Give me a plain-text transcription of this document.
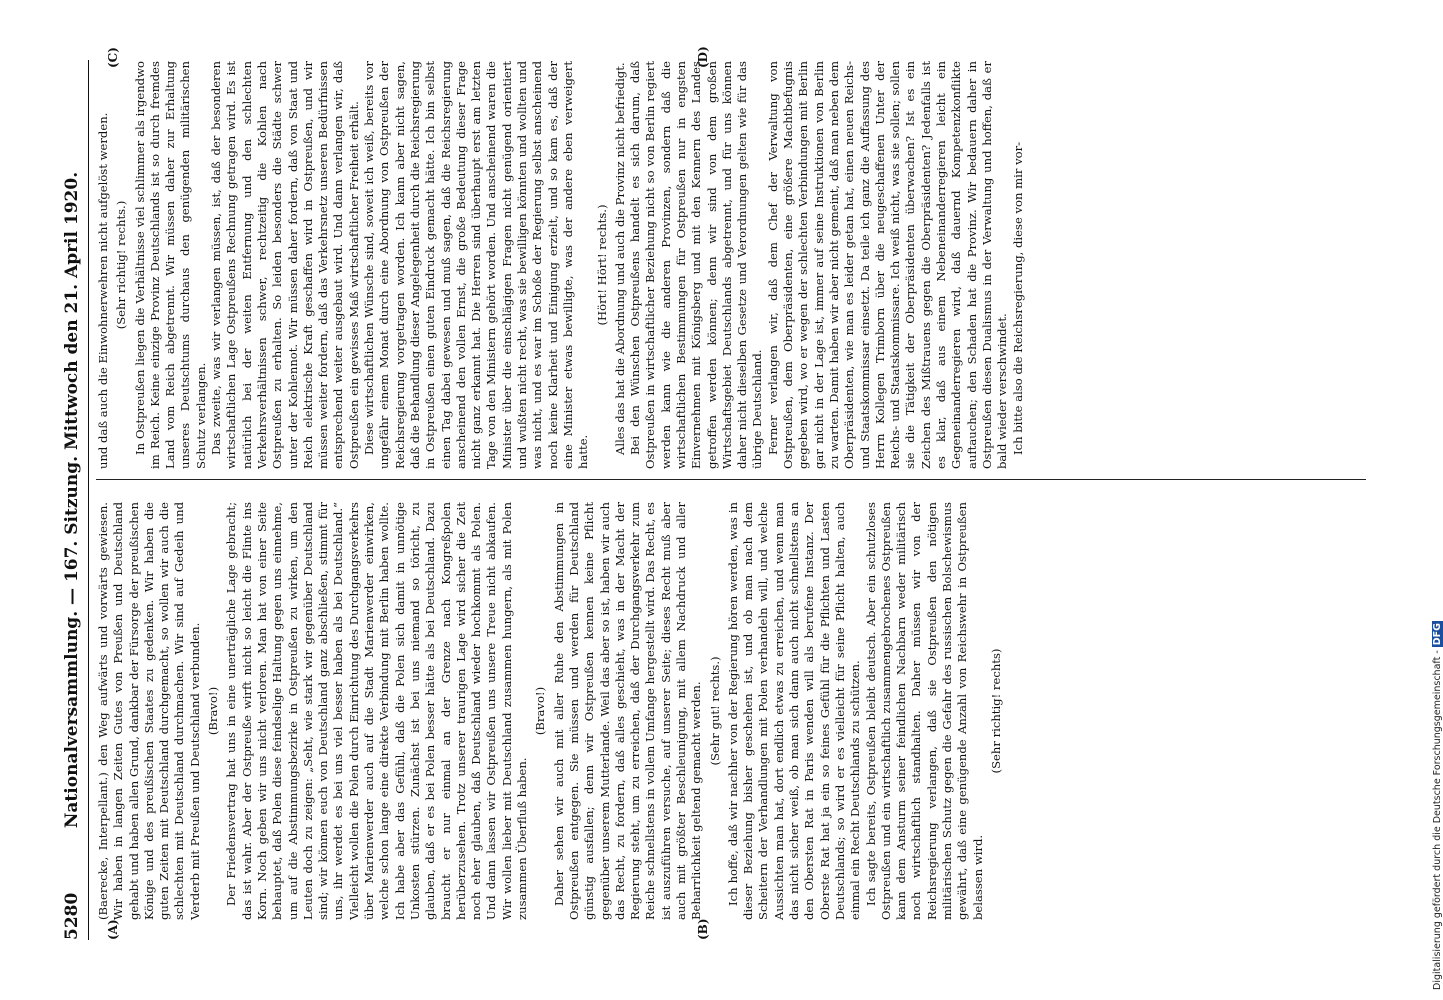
5280
Nationalversammlung. — 167. Sitzung. Mittwoch den 21. April 1920.
(A)	(B)
(C)	(D)

(Baerecke, Interpellant.) den Weg aufwärts und vorwärts gewiesen. Wir haben in langen Zeiten Gutes von Preußen und Deutschland gehabt und haben allen Grund, dankbar der Fürsorge der preußischen Könige und des preußischen Staates zu gedenken. Wir haben die guten Zeiten mit Deutschland durchgemacht, so wollen wir auch die schlechten mit Deutschland durchmachen. Wir sind auf Gedeih und Verderb mit Preußen und Deutschland verbunden. (Bravo!) Der Friedensvertrag hat uns in eine unerträgliche Lage gebracht; das ist wahr. Aber der Ostpreuße wirft nicht so leicht die Flinte ins Korn. Noch geben wir uns nicht verloren. Man hat von einer Seite behauptet, daß Polen diese feindselige Haltung gegen uns einnehme, um auf die Abstimmungsbezirke in Ostpreußen zu wirken, um den Leuten doch zu zeigen: „Seht, wie stark wir gegenüber Deutschland sind; wir können euch von Deutschland ganz abschließen, stimmt für uns, ihr werdet es bei uns viel besser haben als bei Deutschland.“ Vielleicht wollen die Polen durch Einrichtung des Durchgangsverkehrs über Marienwerder auch auf die Stadt Marienwerder einwirken, welche schon lange eine direkte Verbindung mit Berlin haben wollte. Ich habe aber das Gefühl, daß die Polen sich damit in unnötige Unkosten stürzen. Zunächst ist bei uns niemand so töricht, zu glauben, daß er es bei Polen besser hätte als bei Deutschland. Dazu braucht er nur einmal an der Grenze nach Kongreßpolen herüberzusehen. Trotz unserer traurigen Lage wird sicher die Zeit noch eher glauben, daß Deutschland wieder hochkommt als Polen. Und dann lassen wir Ostpreußen uns unsere Treue nicht abkaufen. Wir wollen lieber mit Deutschland zusammen hungern, als mit Polen zusammen Überfluß haben.

(Bravo!) Daher sehen wir auch mit aller Ruhe den Abstimmungen in Ostpreußen entgegen. Sie müssen und werden für Deutschland günstig ausfallen; denn wir Ostpreußen kennen keine Pflicht gegenüber unserem Mutterlande. Weil das aber so ist, haben wir auch das Recht, zu fordern, daß alles geschieht, was in der Macht der Regierung steht, um zu erreichen, daß der Durchgangsverkehr zum Reiche schnellstens in vollem Umfange hergestellt wird. Das Recht, es ist auszuführen versuche, auf unserer Seite; dieses Recht muß aber auch mit größter Beschleunigung, mit allem Nachdruck und aller Beharrlichkeit geltend gemacht werden. (Sehr gut! rechts.) Ich hoffe, daß wir nachher von der Regierung hören werden, was in dieser Beziehung bisher geschehen ist, und ob man nach dem Scheitern der Verhandlungen mit Polen verhandeln will, und welche Aussichten man hat, dort endlich etwas zu erreichen, und wenn man das nicht sicher weiß, ob man sich dann auch nicht schnellstens an den Obersten Rat in Paris wenden will als berufene Instanz. Der Oberste Rat hat ja ein so feines Gefühl für die Pflichten und Lasten Deutschlands; so wird er es vielleicht für seine Pflicht halten, auch einmal ein Recht Deutschlands zu schützen. Ich sagte bereits, Ostpreußen bleibt deutsch. Aber ein schutzloses Ostpreußen und ein wirtschaftlich zusammengebrochenes Ostpreußen kann dem Ansturm seiner feindlichen Nachbarn weder militärisch noch wirtschaftlich standhalten. Daher müssen wir von der Reichsregierung verlangen, daß sie Ostpreußen den nötigen militärischen Schutz gegen die Gefahr des russischen Bolschewismus gewährt, daß eine genügende Anzahl von Reichswehr in Ostpreußen belassen wird.

(Sehr richtig! rechts)

und daß auch die Einwohnerwehren nicht aufgelöst werden. (Sehr richtig! rechts.) In Ostpreußen liegen die Verhältnisse viel schlimmer als irgendwo im Reich. Keine einzige Provinz Deutschlands ist so durch fremdes Land vom Reich abgetrennt. Wir müssen daher zur Erhaltung unseres Deutschtums durchaus den genügenden militärischen Schutz verlangen. Das zweite, was wir verlangen müssen, ist, daß der besonderen wirtschaftlichen Lage Ostpreußens Rechnung getragen wird. Es ist natürlich bei der weiten Entfernung und den schlechten Verkehrsverhältnissen schwer, rechtzeitig die Kohlen nach Ostpreußen zu erhalten. So leiden besonders die Städte schwer unter der Kohlennot. Wir müssen daher fordern, daß von Staat und Reich elektrische Kraft geschaffen wird in Ostpreußen, und wir müssen weiter fordern, daß das Verkehrsnetz unseren Bedürfnissen entsprechend weiter ausgebaut wird. Und dann verlangen wir, daß Ostpreußen ein gewisses Maß wirtschaftlicher Freiheit erhält. Diese wirtschaftlichen Wünsche sind, soweit ich weiß, bereits vor ungefähr einem Monat durch eine Abordnung von Ostpreußen der Reichsregierung vorgetragen worden. Ich kann aber nicht sagen, daß die Behandlung dieser Angelegenheit durch die Reichsregierung in Ostpreußen einen guten Eindruck gemacht hätte. Ich bin selbst einen Tag dabei gewesen und muß sagen, daß die Reichsregierung anscheinend den vollen Ernst, die große Bedeutung dieser Frage nicht ganz erkannt hat. Die Herren sind überhaupt erst am letzten Tage von den Ministern gehört worden. Und anscheinend waren die Minister über die einschlägigen Fragen nicht genügend orientiert und wußten nicht recht, was sie bewilligen könnten und wollten und was nicht, und es war im Schoße der Regierung selbst anscheinend noch keine Klarheit und Einigung erzielt, und so kam es, daß der eine Minister etwas bewilligte, was der andere eben verweigert hatte.

(Hört! Hört! rechts.) Alles das hat die Abordnung und auch die Provinz nicht befriedigt. Bei den Wünschen Ostpreußens handelt es sich darum, daß Ostpreußen in wirtschaftlicher Beziehung nicht so von Berlin regiert werden kann wie die anderen Provinzen, sondern daß die wirtschaftlichen Bestimmungen für Ostpreußen nur in engsten Einvernehmen mit Königsberg und mit den Kennern des Landes getroffen werden können; denn wir sind von dem großen Wirtschaftsgebiet Deutschlands abgetrennt, und für uns können daher nicht dieselben Gesetze und Verordnungen gelten wie für das übrige Deutschland. Ferner verlangen wir, daß dem Chef der Verwaltung von Ostpreußen, dem Oberpräsidenten, eine größere Machtbefugnis gegeben wird, wo er wegen der schlechten Verbindungen mit Berlin gar nicht in der Lage ist, immer auf seine Instruktionen von Berlin zu warten. Damit haben wir aber nicht gemeint, daß man neben dem Oberpräsidenten, wie man es leider getan hat, einen neuen Reichs- und Staatskommissar einsetzt. Da teile ich ganz die Auffassung des Herrn Kollegen Trimborn über die neugeschaffenen Unter der Reichs- und Staatskommissare. Ich weiß nicht, was sie sollen; sollen sie die Tätigkeit der Oberpräsidenten überwachen? Ist es ein Zeichen des Mißtrauens gegen die Oberpräsidenten? Jedenfalls ist es klar, daß aus einem Nebeneinanderregieren leicht ein Gegeneinanderregieren wird, daß dauernd Kompetenzkonflikte auftauchen; den Schaden hat die Provinz. Wir bedauern daher in Ostpreußen diesen Dualismus in der Verwaltung und hoffen, daß er bald wieder verschwindet. Ich bitte also die Reichsregierung, diese von mir vor-

Digitalisierung gefördert durch die Deutsche Forschungsgemeinschaft -DFG
